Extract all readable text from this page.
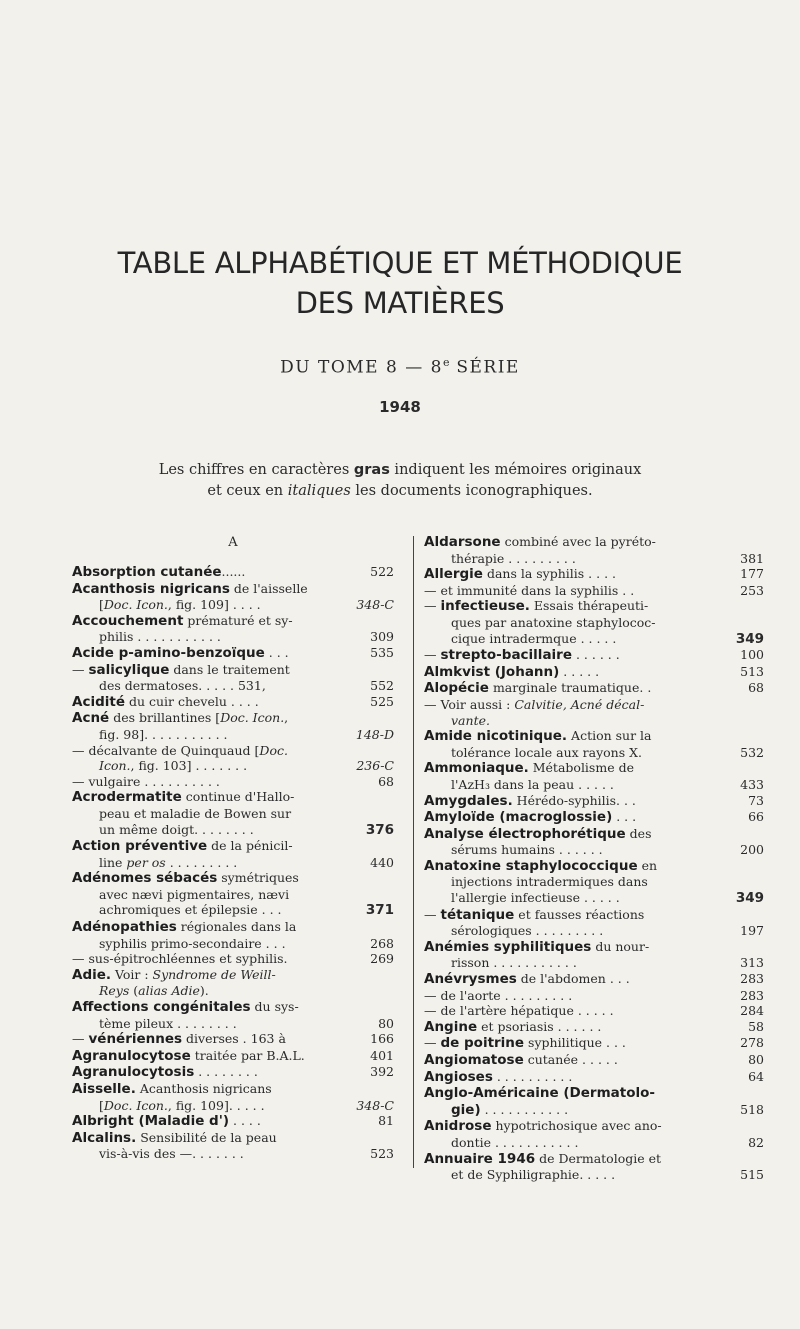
TABLE ALPHABÉTIQUE ET MÉTHODIQUE
DES MATIÈRES
DU TOME 8 — 8e SÉRIE
1948
Les chiffres en caractères gras indiquent les mémoires originaux
et ceux en italiques les documents iconographiques.
A
Absorption cutanée......	522
Acanthosis nigricans de l'aisselle
[Doc. Icon., fig. 109] . . . .	348-C
Accouchement prématuré et sy-
philis . . . . . . . . . . .	309
Acide p-amino-benzoïque . . .	535
— salicylique dans le traitement
des dermatoses. . . . . 531,	552
Acidité du cuir chevelu . . . .	525
Acné des brillantines [Doc. Icon.,
fig. 98]. . . . . . . . . . .	148-D
— décalvante de Quinquaud [Doc.
Icon., fig. 103] . . . . . . .	236-C
— vulgaire . . . . . . . . . .	68
Acrodermatite continue d'Hallo-
peau et maladie de Bowen sur
un même doigt. . . . . . . .	376
Action préventive de la pénicil-
line per os . . . . . . . . .	440
Adénomes sébacés symétriques
avec nævi pigmentaires, nævi
achromiques et épilepsie . . .	371
Adénopathies régionales dans la
syphilis primo-secondaire . . .	268
— sus-épitrochléennes et syphilis.	269
Adie. Voir : Syndrome de Weill-
Reys (alias Adie).
Affections congénitales du sys-
tème pileux . . . . . . . .	80
— vénériennes diverses . 163 à	166
Agranulocytose traitée par B.A.L.	401
Agranulocytosis . . . . . . . .	392
Aisselle. Acanthosis nigricans
[Doc. Icon., fig. 109]. . . . .	348-C
Albright (Maladie d') . . . .	81
Alcalins. Sensibilité de la peau
vis-à-vis des —. . . . . . .	523
Aldarsone combiné avec la pyréto-
thérapie . . . . . . . . .	381
Allergie dans la syphilis . . . .	177
— et immunité dans la syphilis . .	253
— infectieuse. Essais thérapeuti-
ques par anatoxine staphylococ-
cique intradermque . . . . .	349
— strepto-bacillaire . . . . . .	100
Almkvist (Johann) . . . . .	513
Alopécie marginale traumatique. .	68
— Voir aussi : Calvitie, Acné décal-
vante.
Amide nicotinique. Action sur la
tolérance locale aux rayons X.	532
Ammoniaque. Métabolisme de
l'AzH₃ dans la peau . . . . .	433
Amygdales. Hérédo-syphilis. . .	73
Amyloïde (macroglossie) . . .	66
Analyse électrophorétique des
sérums humains . . . . . .	200
Anatoxine staphylococcique en
injections intradermiques dans
l'allergie infectieuse . . . . .	349
— tétanique et fausses réactions
sérologiques . . . . . . . . .	197
Anémies syphilitiques du nour-
risson . . . . . . . . . . .	313
Anévrysmes de l'abdomen . . .	283
— de l'aorte . . . . . . . . .	283
— de l'artère hépatique . . . . .	284
Angine et psoriasis . . . . . .	58
— de poitrine syphilitique . . .	278
Angiomatose cutanée . . . . .	80
Angioses . . . . . . . . . .	64
Anglo-Américaine (Dermatolo-
gie) . . . . . . . . . . .	518
Anidrose hypotrichosique avec ano-
dontie . . . . . . . . . . .	82
Annuaire 1946 de Dermatologie et
et de Syphiligraphie. . . . .	515
